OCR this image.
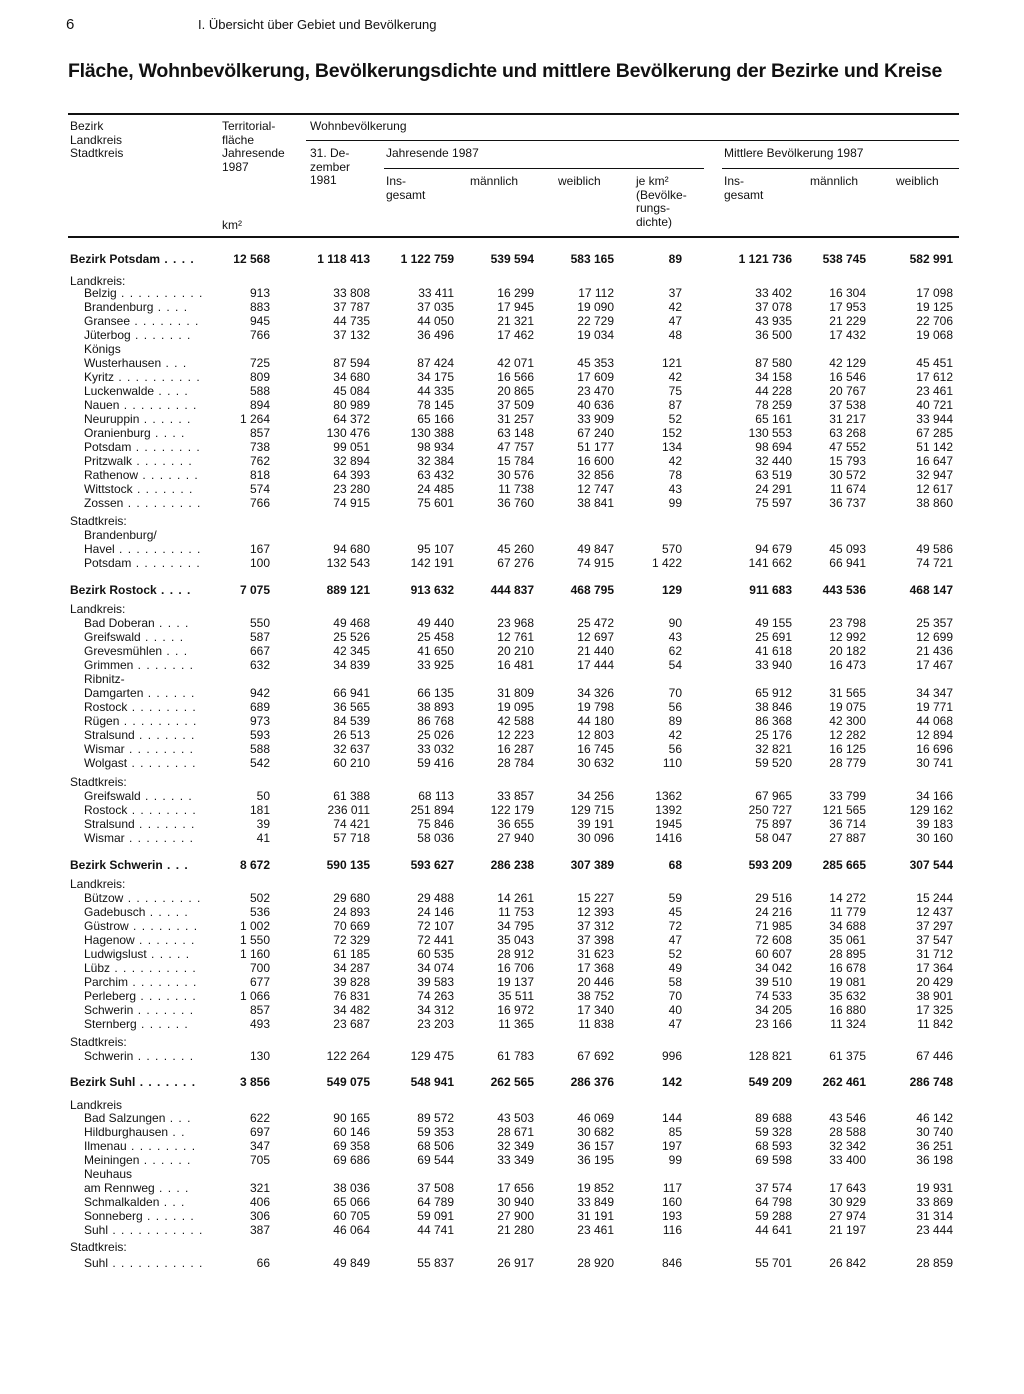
6	I. Übersicht über Gebiet und Bevölkerung
Fläche, Wohnbevölkerung, Bevölkerungsdichte und mittlere Bevölkerung der Bezirke und Kreise
Bezirk
Landkreis
Stadtkreis
Territorial-
fläche
Jahresende
1987
km²
Wohnbevölkerung
31. De-
zember
1981
Jahresende 1987
Ins-
gesamt
männlich	weiblich	je km²
(Bevölke-
rungs-
dichte)
Mittlere Bevölkerung 1987
Ins-
gesamt
männlich	weiblich
Bezirk Potsdam . . . .	12 568	1 118 413	1 122 759	539 594	583 165	89	1 121 736	538 745	582 991
Landkreis:
Belzig . . . . . . . . . .	913	33 808	33 411	16 299	17 112	37	33 402	16 304	17 098
Brandenburg . . . .	883	37 787	37 035	17 945	19 090	42	37 078	17 953	19 125
Gransee . . . . . . . .	945	44 735	44 050	21 321	22 729	47	43 935	21 229	22 706
Jüterbog . . . . . . .	766	37 132	36 496	17 462	19 034	48	36 500	17 432	19 068
Königs
Wusterhausen . . .	725	87 594	87 424	42 071	45 353	121	87 580	42 129	45 451
Kyritz . . . . . . . . . .	809	34 680	34 175	16 566	17 609	42	34 158	16 546	17 612
Luckenwalde . . . .	588	45 084	44 335	20 865	23 470	75	44 228	20 767	23 461
Nauen . . . . . . . . .	894	80 989	78 145	37 509	40 636	87	78 259	37 538	40 721
Neuruppin . . . . . .	1 264	64 372	65 166	31 257	33 909	52	65 161	31 217	33 944
Oranienburg . . . .	857	130 476	130 388	63 148	67 240	152	130 553	63 268	67 285
Potsdam . . . . . . . .	738	99 051	98 934	47 757	51 177	134	98 694	47 552	51 142
Pritzwalk . . . . . . .	762	32 894	32 384	15 784	16 600	42	32 440	15 793	16 647
Rathenow . . . . . . .	818	64 393	63 432	30 576	32 856	78	63 519	30 572	32 947
Wittstock . . . . . . .	574	23 280	24 485	11 738	12 747	43	24 291	11 674	12 617
Zossen . . . . . . . . .	766	74 915	75 601	36 760	38 841	99	75 597	36 737	38 860
Stadtkreis:
Brandenburg/
Havel . . . . . . . . . .	167	94 680	95 107	45 260	49 847	570	94 679	45 093	49 586
Potsdam . . . . . . . .	100	132 543	142 191	67 276	74 915	1 422	141 662	66 941	74 721
Bezirk Rostock . . . .	7 075	889 121	913 632	444 837	468 795	129	911 683	443 536	468 147
Landkreis:
Bad Doberan . . . .	550	49 468	49 440	23 968	25 472	90	49 155	23 798	25 357
Greifswald . . . . .	587	25 526	25 458	12 761	12 697	43	25 691	12 992	12 699
Grevesmühlen . . .	667	42 345	41 650	20 210	21 440	62	41 618	20 182	21 436
Grimmen . . . . . . .	632	34 839	33 925	16 481	17 444	54	33 940	16 473	17 467
Ribnitz-
Damgarten . . . . . .	942	66 941	66 135	31 809	34 326	70	65 912	31 565	34 347
Rostock . . . . . . . .	689	36 565	38 893	19 095	19 798	56	38 846	19 075	19 771
Rügen . . . . . . . . .	973	84 539	86 768	42 588	44 180	89	86 368	42 300	44 068
Stralsund . . . . . . .	593	26 513	25 026	12 223	12 803	42	25 176	12 282	12 894
Wismar . . . . . . . .	588	32 637	33 032	16 287	16 745	56	32 821	16 125	16 696
Wolgast . . . . . . . .	542	60 210	59 416	28 784	30 632	110	59 520	28 779	30 741
Stadtkreis:
Greifswald . . . . . .	50	61 388	68 113	33 857	34 256	1362	67 965	33 799	34 166
Rostock . . . . . . . .	181	236 011	251 894	122 179	129 715	1392	250 727	121 565	129 162
Stralsund . . . . . . .	39	74 421	75 846	36 655	39 191	1945	75 897	36 714	39 183
Wismar . . . . . . . .	41	57 718	58 036	27 940	30 096	1416	58 047	27 887	30 160
Bezirk Schwerin . . .	8 672	590 135	593 627	286 238	307 389	68	593 209	285 665	307 544
Landkreis:
Bützow . . . . . . . . .	502	29 680	29 488	14 261	15 227	59	29 516	14 272	15 244
Gadebusch . . . . .	536	24 893	24 146	11 753	12 393	45	24 216	11 779	12 437
Güstrow . . . . . . . .	1 002	70 669	72 107	34 795	37 312	72	71 985	34 688	37 297
Hagenow . . . . . . .	1 550	72 329	72 441	35 043	37 398	47	72 608	35 061	37 547
Ludwigslust . . . . .	1 160	61 185	60 535	28 912	31 623	52	60 607	28 895	31 712
Lübz . . . . . . . . . .	700	34 287	34 074	16 706	17 368	49	34 042	16 678	17 364
Parchim . . . . . . . .	677	39 828	39 583	19 137	20 446	58	39 510	19 081	20 429
Perleberg . . . . . . .	1 066	76 831	74 263	35 511	38 752	70	74 533	35 632	38 901
Schwerin . . . . . . .	857	34 482	34 312	16 972	17 340	40	34 205	16 880	17 325
Sternberg . . . . . .	493	23 687	23 203	11 365	11 838	47	23 166	11 324	11 842
Stadtkreis:
Schwerin . . . . . . .	130	122 264	129 475	61 783	67 692	996	128 821	61 375	67 446
Bezirk Suhl . . . . . . .	3 856	549 075	548 941	262 565	286 376	142	549 209	262 461	286 748
Landkreis
Bad Salzungen . . .	622	90 165	89 572	43 503	46 069	144	89 688	43 546	46 142
Hildburghausen . .	697	60 146	59 353	28 671	30 682	85	59 328	28 588	30 740
Ilmenau . . . . . . . .	347	69 358	68 506	32 349	36 157	197	68 593	32 342	36 251
Meiningen . . . . . .	705	69 686	69 544	33 349	36 195	99	69 598	33 400	36 198
Neuhaus
am Rennweg . . . .	321	38 036	37 508	17 656	19 852	117	37 574	17 643	19 931
Schmalkalden . . .	406	65 066	64 789	30 940	33 849	160	64 798	30 929	33 869
Sonneberg . . . . . .	306	60 705	59 091	27 900	31 191	193	59 288	27 974	31 314
Suhl . . . . . . . . . . .	387	46 064	44 741	21 280	23 461	116	44 641	21 197	23 444
Stadtkreis:
Suhl . . . . . . . . . . .	66	49 849	55 837	26 917	28 920	846	55 701	26 842	28 859
